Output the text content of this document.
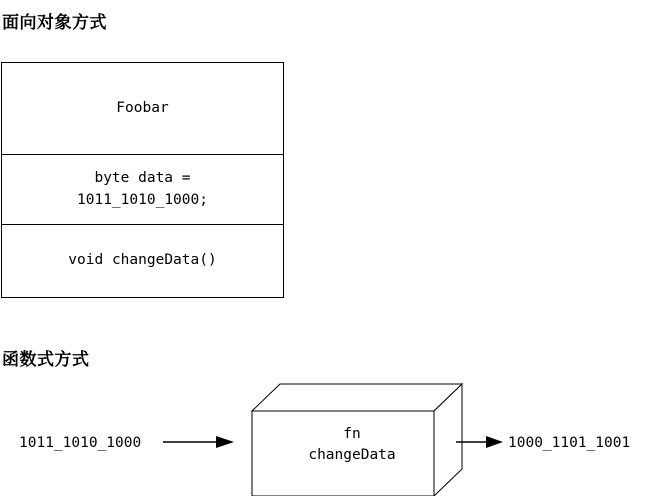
面向对象方式
Foobar
byte data =
1011_1010_1000;
void changeData()
函数式方式
1011_1010_1000
fn
changeData
1000_1101_1001
